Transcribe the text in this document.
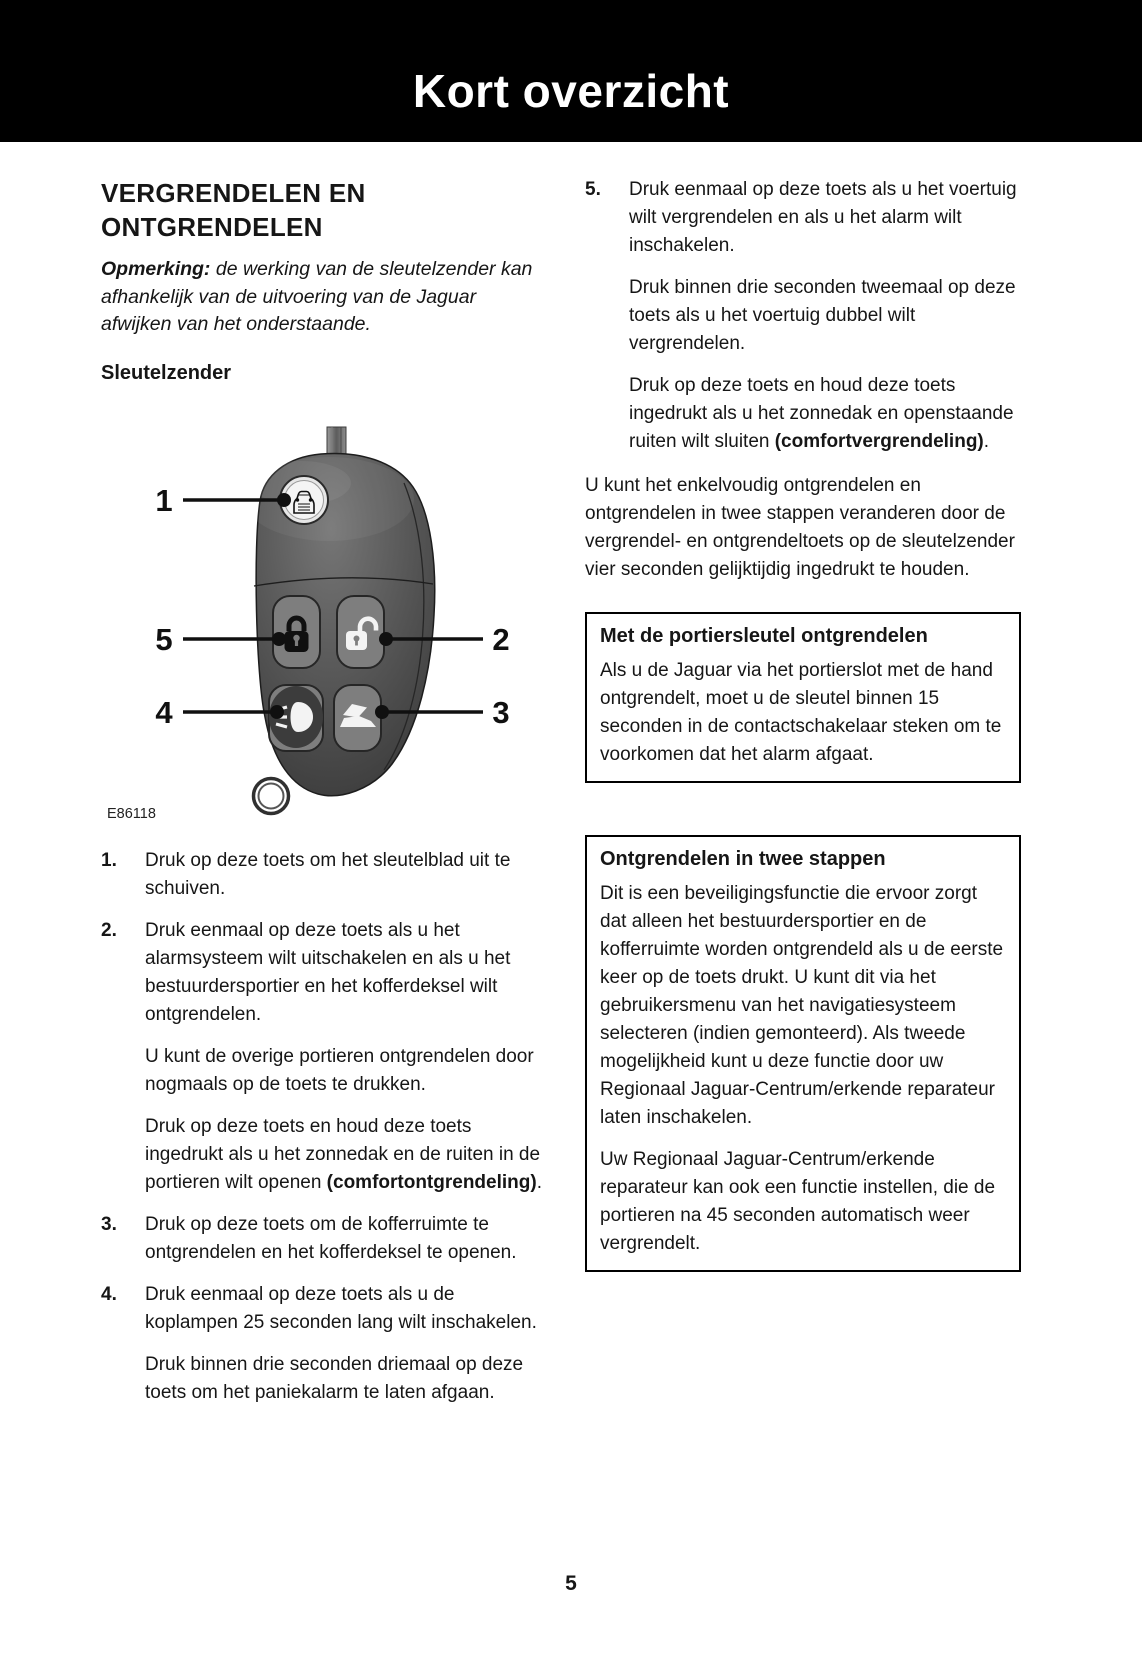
Kort overzicht
VERGRENDELEN EN ONTGRENDELEN

Opmerking: de werking van de sleutelzender kan afhankelijk van de uitvoering van de Jaguar afwijken van het onderstaande.

Sleutelzender
1
5
4
2
3
E86118
1.	Druk op deze toets om het sleutelblad uit te schuiven.

2.	Druk eenmaal op deze toets als u het alarmsysteem wilt uitschakelen en als u het bestuurdersportier en het kofferdeksel wilt ontgrendelen.

U kunt de overige portieren ontgrendelen door nogmaals op de toets te drukken.

Druk op deze toets en houd deze toets ingedrukt als u het zonnedak en de ruiten in de portieren wilt openen (comfortontgrendeling).

3.	Druk op deze toets om de kofferruimte te ontgrendelen en het kofferdeksel te openen.

4.	Druk eenmaal op deze toets als u de koplampen 25 seconden lang wilt inschakelen.

Druk binnen drie seconden driemaal op deze toets om het paniekalarm te laten afgaan.

5.	Druk eenmaal op deze toets als u het voertuig wilt vergrendelen en als u het alarm wilt inschakelen.

Druk binnen drie seconden tweemaal op deze toets als u het voertuig dubbel wilt vergrendelen.

Druk op deze toets en houd deze toets ingedrukt als u het zonnedak en openstaande ruiten wilt sluiten (comfortvergrendeling).

U kunt het enkelvoudig ontgrendelen en ontgrendelen in twee stappen veranderen door de vergrendel- en ontgrendeltoets op de sleutelzender vier seconden gelijktijdig ingedrukt te houden.

Met de portiersleutel ontgrendelen

Als u de Jaguar via het portierslot met de hand ontgrendelt, moet u de sleutel binnen 15 seconden in de contactschakelaar steken om te voorkomen dat het alarm afgaat.

Ontgrendelen in twee stappen

Dit is een beveiligingsfunctie die ervoor zorgt dat alleen het bestuurdersportier en de kofferruimte worden ontgrendeld als u de eerste keer op de toets drukt. U kunt dit via het gebruikersmenu van het navigatiesysteem selecteren (indien gemonteerd). Als tweede mogelijkheid kunt u deze functie door uw Regionaal Jaguar-Centrum/erkende reparateur laten inschakelen.

Uw Regionaal Jaguar-Centrum/erkende reparateur kan ook een functie instellen, die de portieren na 45 seconden automatisch weer vergrendelt.

5
